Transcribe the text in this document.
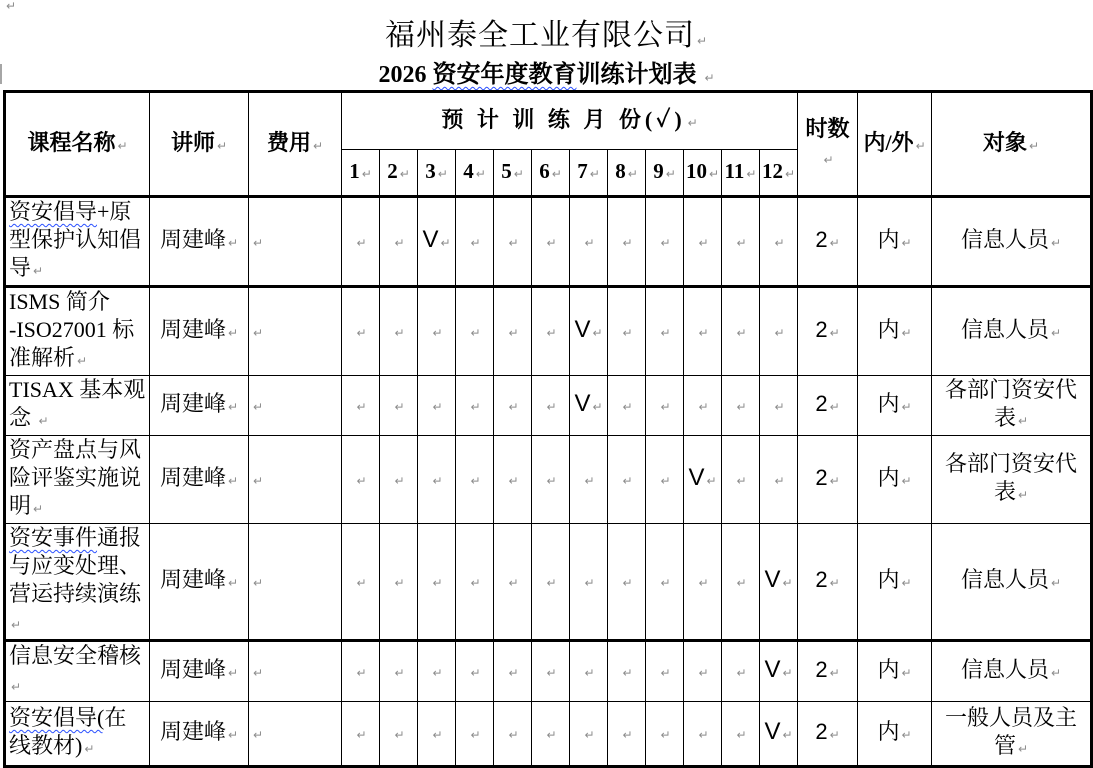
↵
福州泰全工业有限公司 ↵
2026 资安年度教育训练计划表 ↵
课程名称 ↵	讲师 ↵	费用 ↵	预 计 训 练 月 份(✓) ↵												时数↵	内/外 ↵	对象 ↵
			1 ↵	2 ↵	3 ↵	4 ↵	5 ↵	6 ↵	7 ↵	8 ↵	9 ↵	10 ↵	11 ↵	12 ↵			
资安倡导+原
型保护认知倡
导 ↵	周建峰 ↵	↵	↵	↵	V ↵	↵	↵	↵	↵	↵	↵	↵	↵	↵	2 ↵	内 ↵	信息人员 ↵
ISMS 简介
-ISO27001 标
准解析 ↵	周建峰 ↵	↵	↵	↵	↵	↵	↵	↵	V ↵	↵	↵	↵	↵	↵	2 ↵	内 ↵	信息人员 ↵
TISAX 基本观
念 ↵	周建峰 ↵	↵	↵	↵	↵	↵	↵	↵	V ↵	↵	↵	↵	↵	↵	2 ↵	内 ↵	各部门资安代
表 ↵
资产盘点与风
险评鉴实施说
明 ↵	周建峰 ↵	↵	↵	↵	↵	↵	↵	↵	↵	↵	↵	V ↵	↵	↵	2 ↵	内 ↵	各部门资安代
表 ↵
资安事件通报
与应变处理、
营运持续演练↵	周建峰 ↵	↵	↵	↵	↵	↵	↵	↵	↵	↵	↵	↵	↵	V ↵	2 ↵	内 ↵	信息人员 ↵
信息安全稽核↵	周建峰 ↵	↵	↵	↵	↵	↵	↵	↵	↵	↵	↵	↵	↵	V ↵	2 ↵	内 ↵	信息人员 ↵
资安倡导(在
线教材) ↵	周建峰 ↵	↵	↵	↵	↵	↵	↵	↵	↵	↵	↵	↵	↵	V ↵	2 ↵	内 ↵	一般人员及主
管 ↵
